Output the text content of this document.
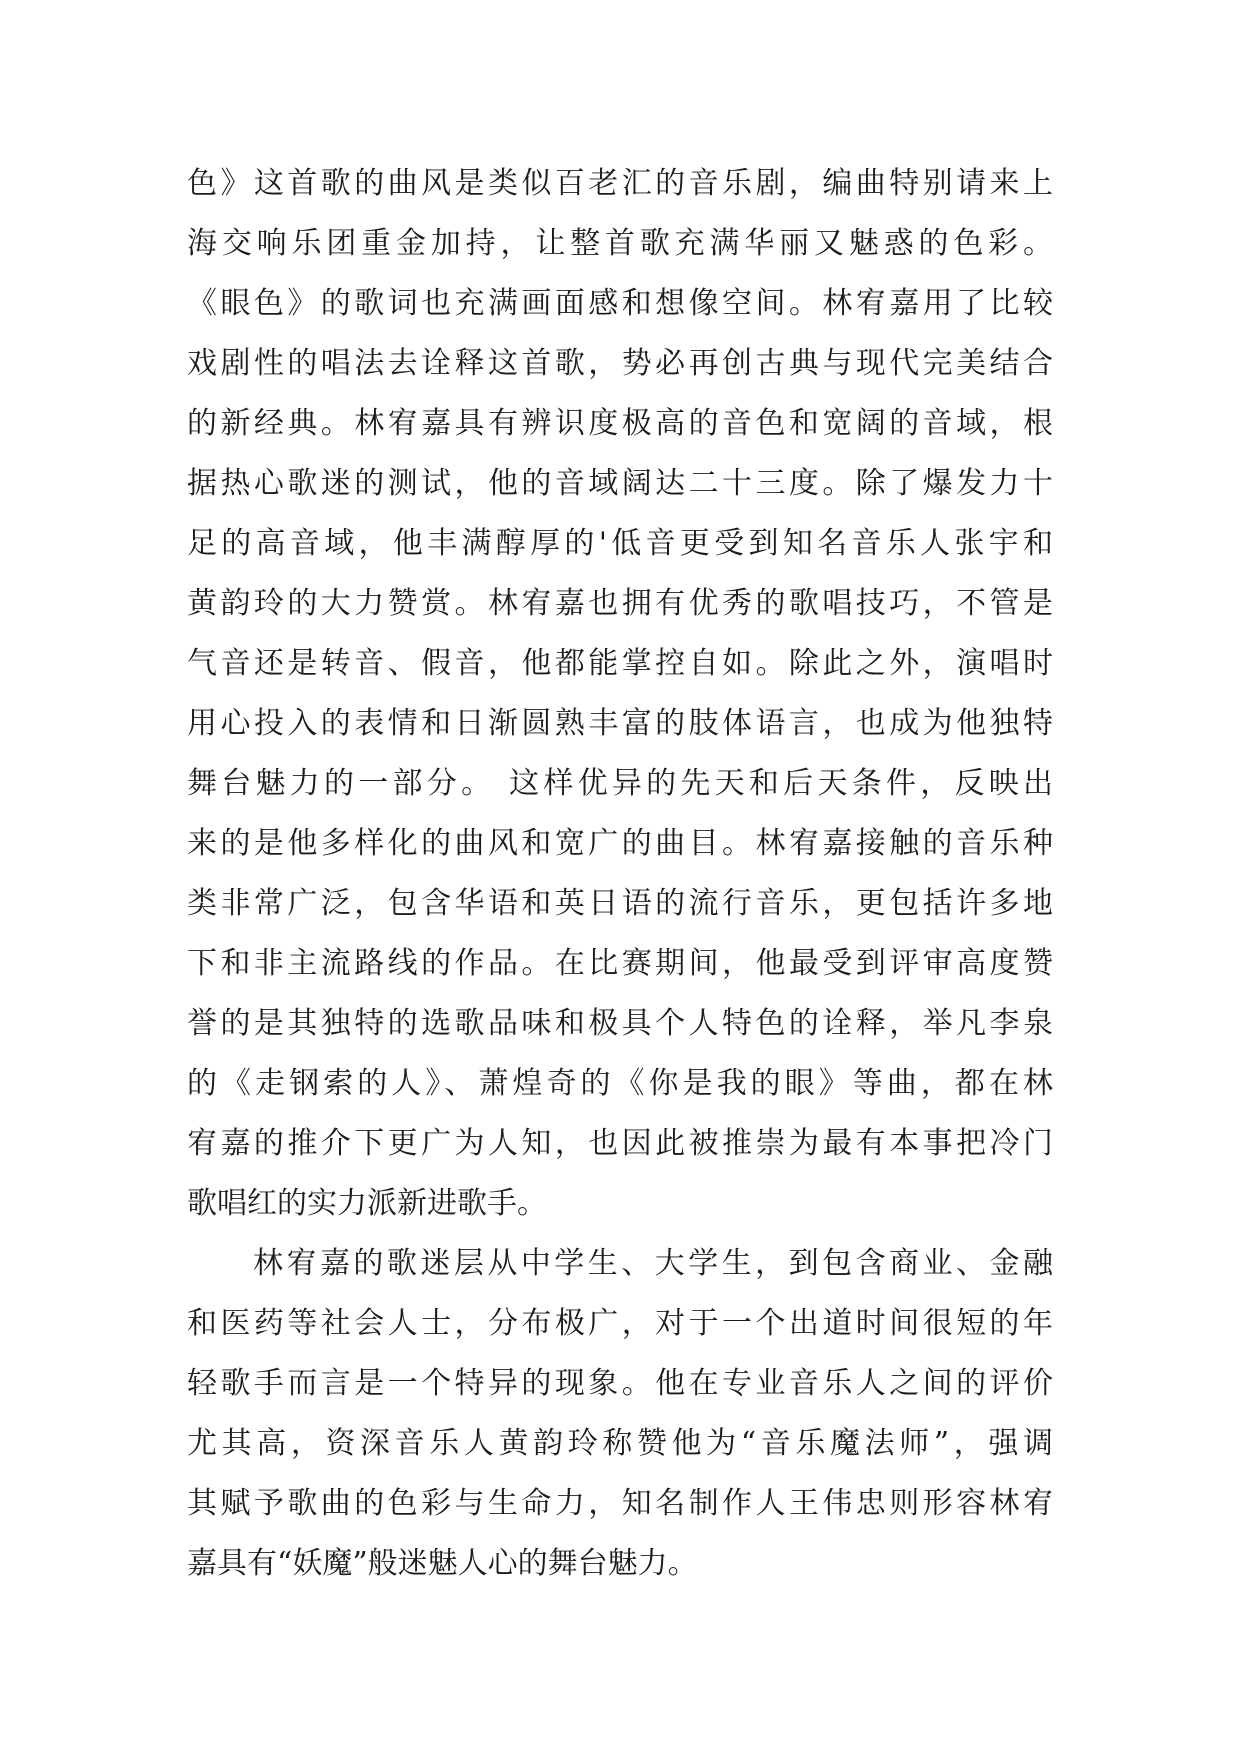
色》这首歌的曲风是类似百老汇的音乐剧，编曲特别请来上
海交响乐团重金加持，让整首歌充满华丽又魅惑的色彩。
《眼色》的歌词也充满画面感和想像空间。林宥嘉用了比较
戏剧性的唱法去诠释这首歌，势必再创古典与现代完美结合
的新经典。林宥嘉具有辨识度极高的音色和宽阔的音域，根
据热心歌迷的测试，他的音域阔达二十三度。除了爆发力十
足的高音域，他丰满醇厚的'低音更受到知名音乐人张宇和
黄韵玲的大力赞赏。林宥嘉也拥有优秀的歌唱技巧，不管是
气音还是转音、假音，他都能掌控自如。除此之外，演唱时
用心投入的表情和日渐圆熟丰富的肢体语言，也成为他独特
舞台魅力的一部分。 这样优异的先天和后天条件，反映出
来的是他多样化的曲风和宽广的曲目。林宥嘉接触的音乐种
类非常广泛，包含华语和英日语的流行音乐，更包括许多地
下和非主流路线的作品。在比赛期间，他最受到评审高度赞
誉的是其独特的选歌品味和极具个人特色的诠释，举凡李泉
的《走钢索的人》、萧煌奇的《你是我的眼》等曲，都在林
宥嘉的推介下更广为人知，也因此被推崇为最有本事把冷门
歌唱红的实力派新进歌手。
林宥嘉的歌迷层从中学生、大学生，到包含商业、金融
和医药等社会人士，分布极广，对于一个出道时间很短的年
轻歌手而言是一个特异的现象。他在专业音乐人之间的评价
尤其高，资深音乐人黄韵玲称赞他为“音乐魔法师”，强调
其赋予歌曲的色彩与生命力，知名制作人王伟忠则形容林宥
嘉具有“妖魔”般迷魅人心的舞台魅力。
